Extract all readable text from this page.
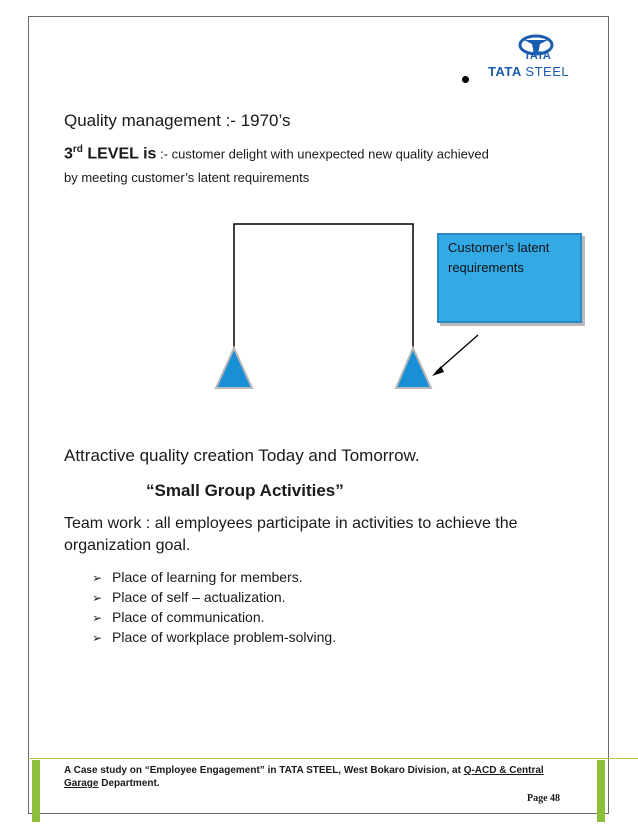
TATA STEEL
TATA
Quality management :- 1970’s
3rd LEVEL is :- customer delight with unexpected new quality achieved
by meeting customer’s latent requirements
Customer’s latent requirements
Attractive quality creation Today and Tomorrow.
“Small Group Activities”
Team work : all employees participate in activities to achieve the
organization goal.
➢ Place of learning for members.
➢ Place of self – actualization.
➢ Place of communication.
➢ Place of workplace problem-solving.
A Case study on “Employee Engagement” in TATA STEEL, West Bokaro Division, at Q-ACD & Central
Garage Department.
Page 48
